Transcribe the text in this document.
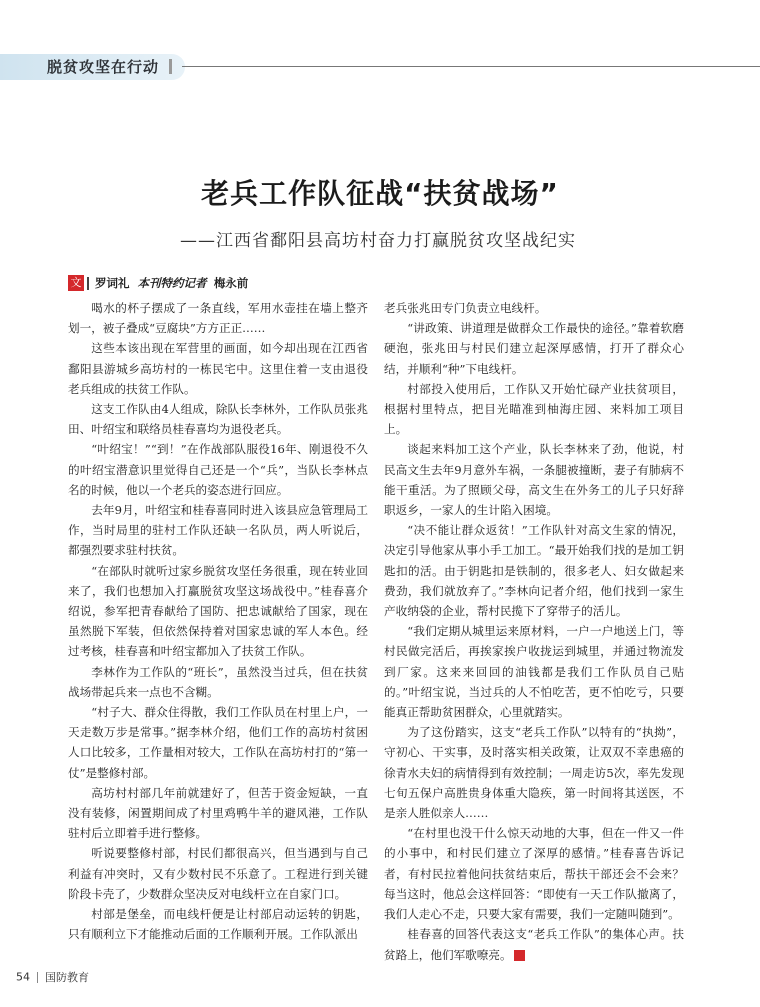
脱贫攻坚在行动
老兵工作队征战“扶贫战场”
——江西省鄱阳县高坊村奋力打赢脱贫攻坚战纪实
文 罗词礼 本刊特约记者 梅永前

喝水的杯子摆成了一条直线，军用水壶挂在墙上整齐划一，被子叠成“豆腐块”方方正正……

这些本该出现在军营里的画面，如今却出现在江西省鄱阳县游城乡高坊村的一栋民宅中。这里住着一支由退役老兵组成的扶贫工作队。

这支工作队由4人组成，除队长李林外，工作队员张兆田、叶绍宝和联络员桂春喜均为退役老兵。

“叶绍宝！”“到！”在作战部队服役16年、刚退役不久的叶绍宝潜意识里觉得自己还是一个“兵”，当队长李林点名的时候，他以一个老兵的姿态进行回应。

去年9月，叶绍宝和桂春喜同时进入该县应急管理局工作，当时局里的驻村工作队还缺一名队员，两人听说后，都强烈要求驻村扶贫。

“在部队时就听过家乡脱贫攻坚任务很重，现在转业回来了，我们也想加入打赢脱贫攻坚这场战役中。”桂春喜介绍说，参军把青春献给了国防、把忠诚献给了国家，现在虽然脱下军装，但依然保持着对国家忠诚的军人本色。经过考核，桂春喜和叶绍宝都加入了扶贫工作队。

李林作为工作队的“班长”，虽然没当过兵，但在扶贫战场带起兵来一点也不含糊。

“村子大、群众住得散，我们工作队员在村里上户，一天走数万步是常事。”据李林介绍，他们工作的高坊村贫困人口比较多，工作量相对较大，工作队在高坊村打的“第一仗”是整修村部。

高坊村村部几年前就建好了，但苦于资金短缺，一直没有装修，闲置期间成了村里鸡鸭牛羊的避风港，工作队驻村后立即着手进行整修。

听说要整修村部，村民们都很高兴，但当遇到与自己利益有冲突时，又有少数村民不乐意了。工程进行到关键阶段卡壳了，少数群众坚决反对电线杆立在自家门口。

村部是堡垒，而电线杆便是让村部启动运转的钥匙，只有顺利立下才能推动后面的工作顺利开展。工作队派出

老兵张兆田专门负责立电线杆。

“讲政策、讲道理是做群众工作最快的途径。”靠着软磨硬泡，张兆田与村民们建立起深厚感情，打开了群众心结，并顺利“种”下电线杆。

村部投入使用后，工作队又开始忙碌产业扶贫项目，根据村里特点，把目光瞄准到柚海庄园、来料加工项目上。

谈起来料加工这个产业，队长李林来了劲，他说，村民高文生去年9月意外车祸，一条腿被撞断，妻子有肺病不能干重活。为了照顾父母，高文生在外务工的儿子只好辞职返乡，一家人的生计陷入困境。

“决不能让群众返贫！”工作队针对高文生家的情况，决定引导他家从事小手工加工。“最开始我们找的是加工钥匙扣的活。由于钥匙扣是铁制的，很多老人、妇女做起来费劲，我们就放弃了。”李林向记者介绍，他们找到一家生产收纳袋的企业，帮村民揽下了穿带子的活儿。

“我们定期从城里运来原材料，一户一户地送上门，等村民做完活后，再挨家挨户收拢运到城里，并通过物流发到厂家。这来来回回的油钱都是我们工作队员自己贴的。”叶绍宝说，当过兵的人不怕吃苦，更不怕吃亏，只要能真正帮助贫困群众，心里就踏实。

为了这份踏实，这支“老兵工作队”以特有的“执拗”，守初心、干实事，及时落实相关政策，让双双不幸患癌的徐青水夫妇的病情得到有效控制；一周走访5次，率先发现七旬五保户高胜贵身体重大隐疾，第一时间将其送医，不是亲人胜似亲人……

“在村里也没干什么惊天动地的大事，但在一件又一件的小事中，和村民们建立了深厚的感情。”桂春喜告诉记者，有村民拉着他问扶贫结束后，帮扶干部还会不会来？每当这时，他总会这样回答：“即使有一天工作队撤离了，我们人走心不走，只要大家有需要，我们一定随叫随到”。

桂春喜的回答代表这支“老兵工作队”的集体心声。扶贫路上，他们军歌嘹亮。	G

54 国防教育
